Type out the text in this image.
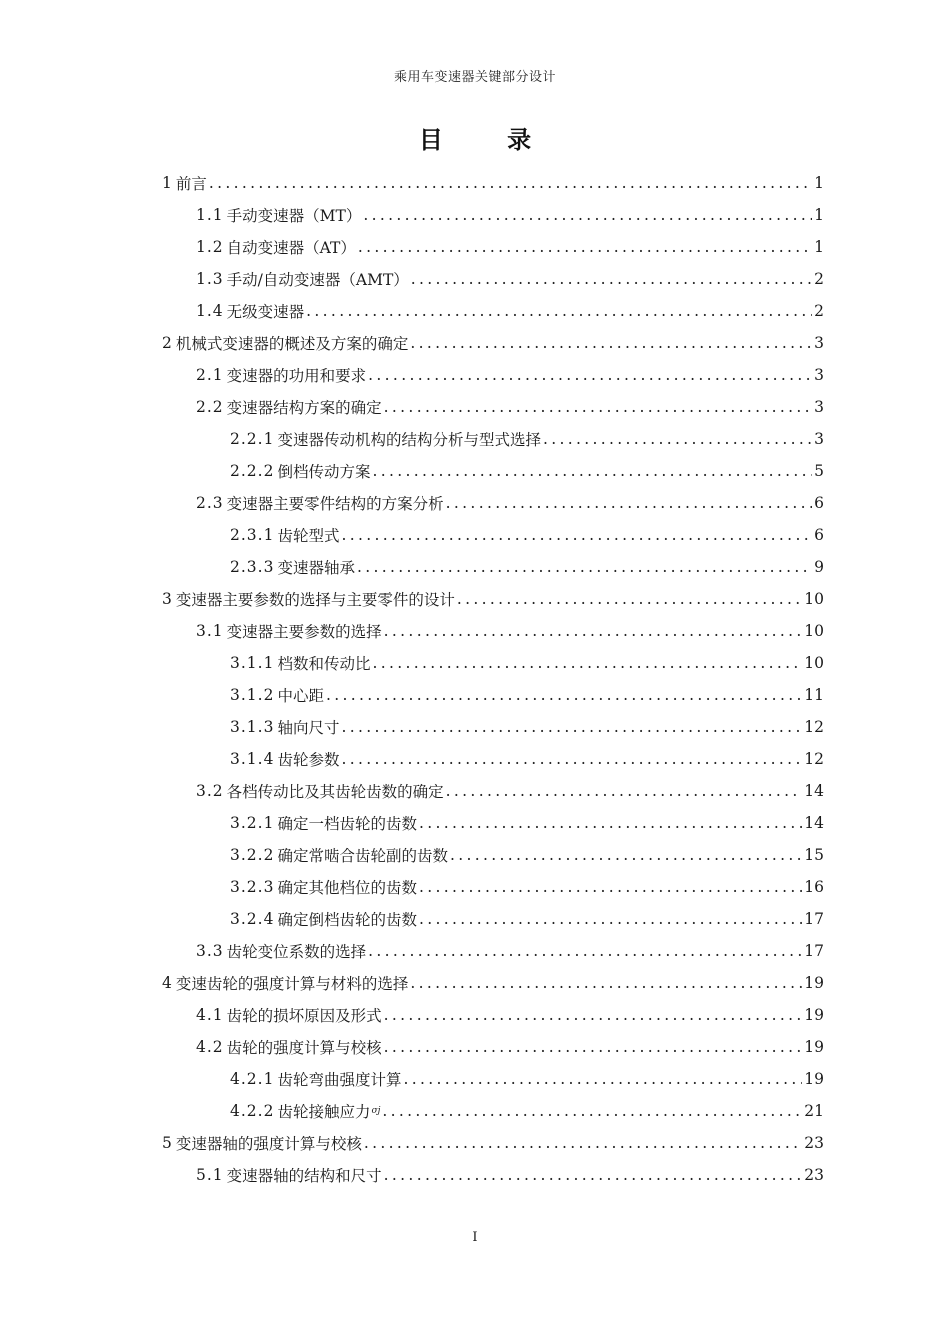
乘用车变速器关键部分设计
目 录
1 前言 . . .	1
1.1 手动变速器（MT） . . .	1
1.2 自动变速器（AT） . . .	1
1.3 手动/自动变速器（AMT） . . .	2
1.4 无级变速器 . . .	2
2 机械式变速器的概述及方案的确定 . . .	3
2.1 变速器的功用和要求 . . .	3
2.2 变速器结构方案的确定 . . .	3
2.2.1 变速器传动机构的结构分析与型式选择 . . .	3
2.2.2 倒档传动方案 . . .	5
2.3 变速器主要零件结构的方案分析 . . .	6
2.3.1 齿轮型式 . . .	6
2.3.3 变速器轴承 . . .	9
3 变速器主要参数的选择与主要零件的设计 . . .	10
3.1 变速器主要参数的选择 . . .	10
3.1.1 档数和传动比 . . .	10
3.1.2 中心距 . . .	11
3.1.3 轴向尺寸 . . .	12
3.1.4 齿轮参数 . . .	12
3.2 各档传动比及其齿轮齿数的确定 . . .	14
3.2.1 确定一档齿轮的齿数 . . .	14
3.2.2 确定常啮合齿轮副的齿数 . . .	15
3.2.3 确定其他档位的齿数 . . .	16
3.2.4 确定倒档齿轮的齿数 . . .	17
3.3 齿轮变位系数的选择 . . .	17
4 变速齿轮的强度计算与材料的选择 . . .	19
4.1 齿轮的损坏原因及形式 . . .	19
4.2 齿轮的强度计算与校核 . . .	19
4.2.1 齿轮弯曲强度计算 . . .	19
4.2.2 齿轮接触应力 σj . . .	21
5 变速器轴的强度计算与校核 . . .	23
5.1 变速器轴的结构和尺寸 . . .	23
I
